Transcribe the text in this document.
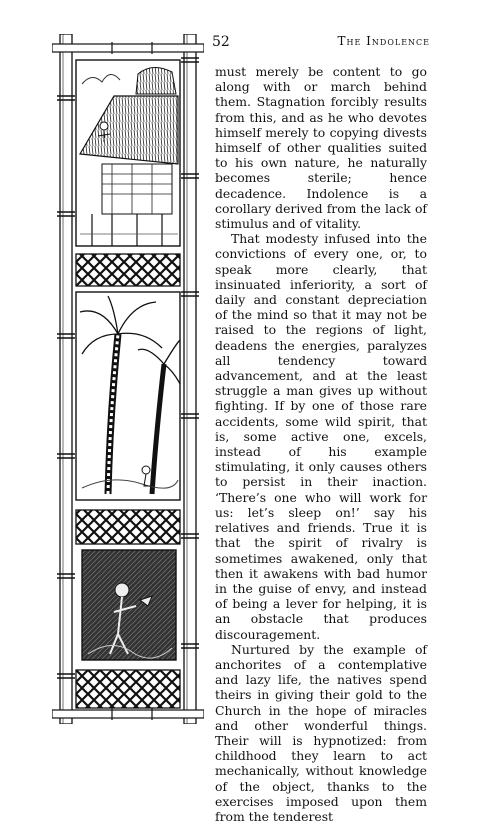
52	The Indolence

must merely be content to go along with or march behind them. Stagnation forcibly results from this, and as he who devotes himself merely to copying divests himself of other qualities suited to his own nature, he naturally becomes sterile; hence decadence. Indolence is a corollary derived from the lack of stimulus and of vitality.

That modesty infused into the convictions of every one, or, to speak more clearly, that insinuated inferiority, a sort of daily and constant depreciation of the mind so that it may not be raised to the regions of light, deadens the energies, paralyzes all tendency toward advancement, and at the least struggle a man gives up without fighting. If by one of those rare accidents, some wild spirit, that is, some active one, excels, instead of his example stimulating, it only causes others to persist in their inaction. ‘There’s one who will work for us: let’s sleep on!’ say his relatives and friends. True it is that the spirit of rivalry is sometimes awakened, only that then it awakens with bad humor in the guise of envy, and instead of being a lever for helping, it is an obstacle that produces discouragement.

Nurtured by the example of anchorites of a contemplative and lazy life, the natives spend theirs in giving their gold to the Church in the hope of miracles and other wonderful things. Their will is hypnotized: from childhood they learn to act mechanically, without knowledge of the object, thanks to the exercises imposed upon them from the tenderest
